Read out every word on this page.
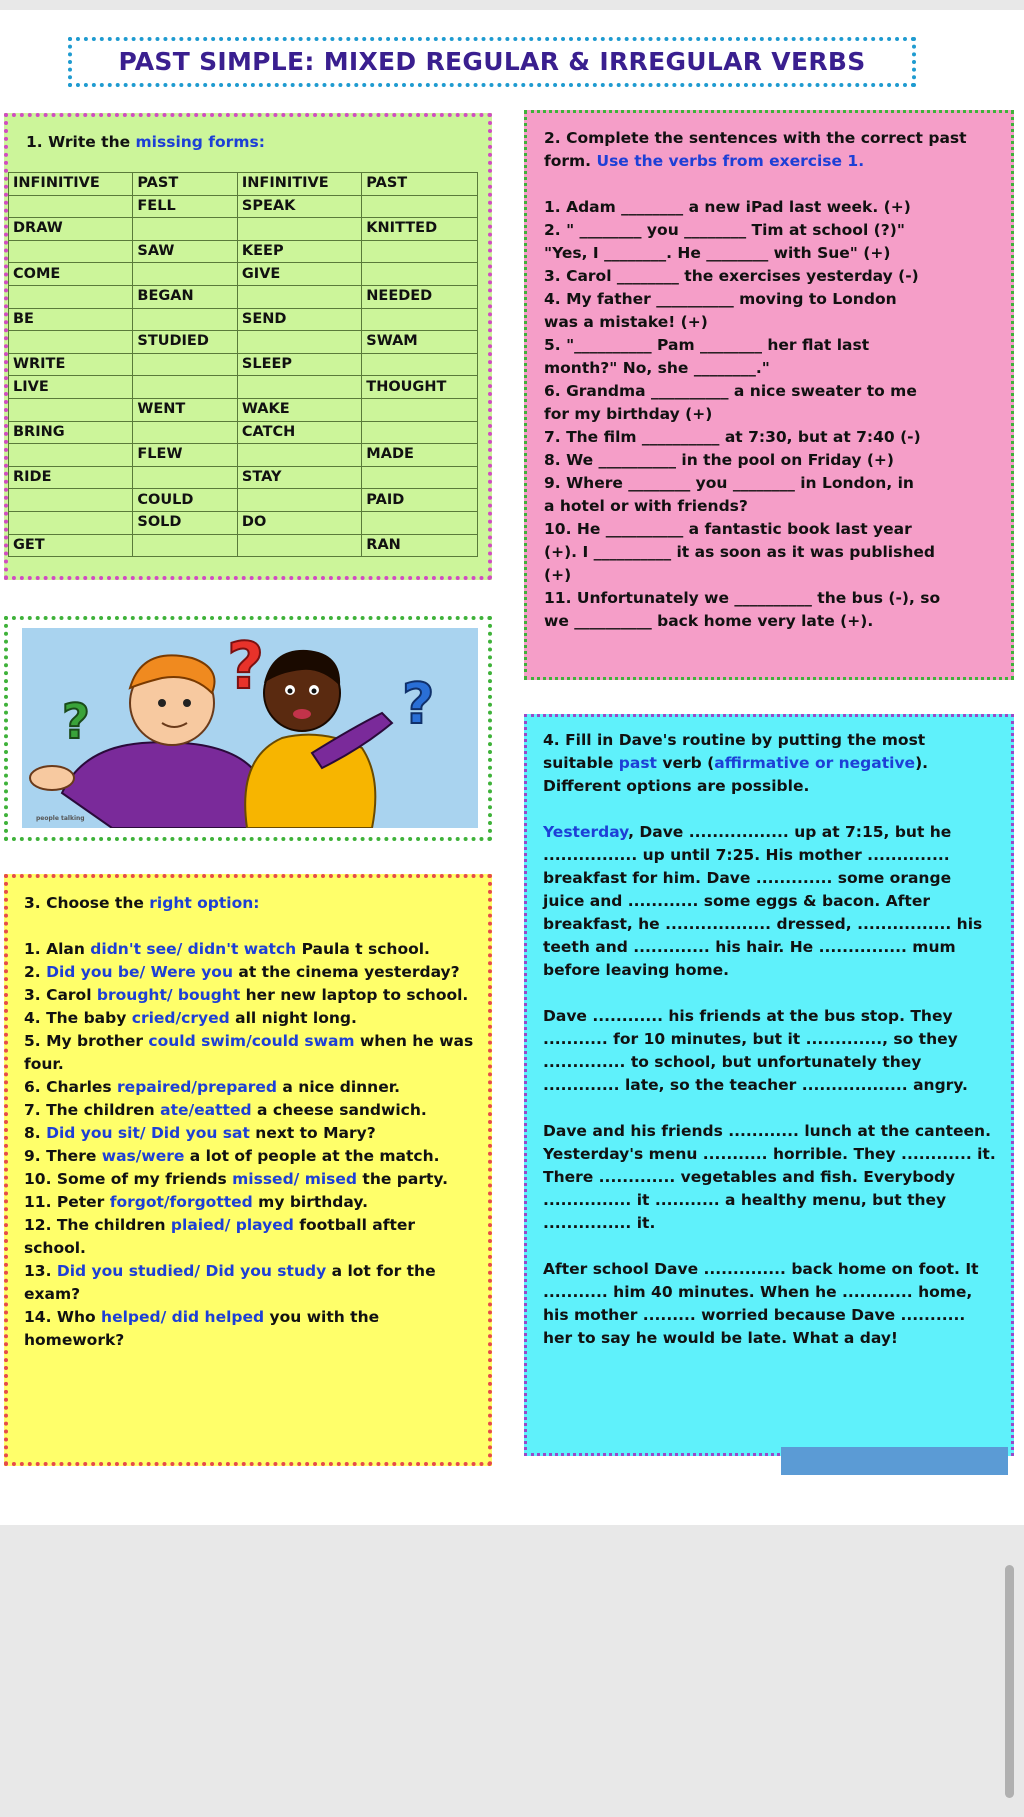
PAST SIMPLE: MIXED REGULAR & IRREGULAR VERBS
1. Write the missing forms:
INFINITIVE	PAST	INFINITIVE	PAST
	FELL	SPEAK	
DRAW			KNITTED
	SAW	KEEP	
COME		GIVE	
	BEGAN		NEEDED
BE		SEND	
	STUDIED		SWAM
WRITE		SLEEP	
LIVE			THOUGHT
	WENT	WAKE	
BRING		CATCH	
	FLEW		MADE
RIDE		STAY	
	COULD		PAID
	SOLD	DO	
GET			RAN
2. Complete the sentences with the correct past form. Use the verbs from exercise 1.
1. Adam ________ a new iPad last week. (+)
2. " ________ you ________ Tim at school (?)"
"Yes, I ________. He ________ with Sue" (+)
3. Carol ________ the exercises yesterday (-)
4. My father __________ moving to London
was a mistake! (+)
5. "__________ Pam ________ her flat last
month?" No, she ________."
6. Grandma __________ a nice sweater to me
for my birthday (+)
7. The film __________ at 7:30, but at 7:40 (-)
8. We __________ in the pool on Friday (+)
9. Where ________ you ________ in London, in
a hotel or with friends?
10. He __________ a fantastic book last year
(+). I __________ it as soon as it was published
(+)
11. Unfortunately we __________ the bus (-), so
we __________ back home very late (+).
?
?	?
people talking
3. Choose the right option:
1. Alan didn't see/ didn't watch Paula t school.
2. Did you be/ Were you at the cinema yesterday?
3. Carol brought/ bought her new laptop to school.
4. The baby cried/cryed all night long.
5. My brother could swim/could swam when he was four.
6. Charles repaired/prepared a nice dinner.
7. The children ate/eatted a cheese sandwich.
8. Did you sit/ Did you sat next to Mary?
9. There was/were a lot of people at the match.
10. Some of my friends missed/ mised the party.
11. Peter forgot/forgotted my birthday.
12. The children plaied/ played football after school.
13. Did you studied/ Did you study a lot for the exam?
14. Who helped/ did helped you with the homework?
4. Fill in Dave's routine by putting the most suitable past verb (affirmative or negative).
Different options are possible.
Yesterday, Dave ................. up at 7:15, but he ................ up until 7:25. His mother .............. breakfast for him. Dave ............. some orange juice and ............ some eggs & bacon. After breakfast, he .................. dressed, ................ his teeth and ............. his hair. He ............... mum before leaving home.
Dave ............ his friends at the bus stop. They ........... for 10 minutes, but it ............., so they .............. to school, but unfortunately they ............. late, so the teacher .................. angry.
Dave and his friends ............ lunch at the canteen. Yesterday's menu ........... horrible. They ............ it. There ............. vegetables and fish. Everybody ............... it ........... a healthy menu, but they ............... it.
After school Dave .............. back home on foot. It ........... him 40 minutes. When he ............ home, his mother ......... worried because Dave ........... her to say he would be late. What a day!
